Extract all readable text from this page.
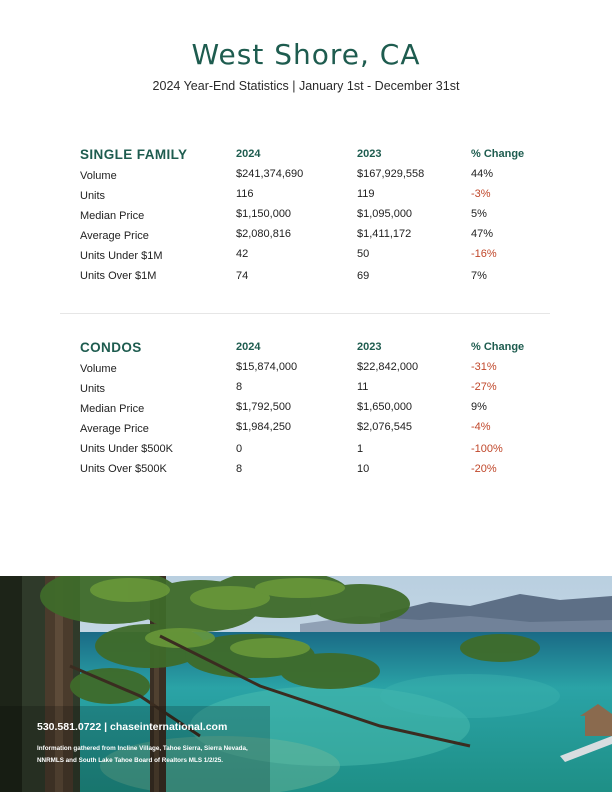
West Shore, CA
2024 Year-End Statistics | January 1st - December 31st
SINGLE FAMILY	2024	2023	% Change
Volume	$241,374,690	$167,929,558	44%
Units	116	119	-3%
Median Price	$1,150,000	$1,095,000	5%
Average Price	$2,080,816	$1,411,172	47%
Units Under $1M	42	50	-16%
Units Over $1M	74	69	7%
CONDOS	2024	2023	% Change
Volume	$15,874,000	$22,842,000	-31%
Units	8	11	-27%
Median Price	$1,792,500	$1,650,000	9%
Average Price	$1,984,250	$2,076,545	-4%
Units Under $500K	0	1	-100%
Units Over $500K	8	10	-20%
530.581.0722 | chaseinternational.com
Information gathered from Incline Village, Tahoe Sierra, Sierra Nevada, NNRMLS and South Lake Tahoe Board of Realtors MLS 1/2/25.
